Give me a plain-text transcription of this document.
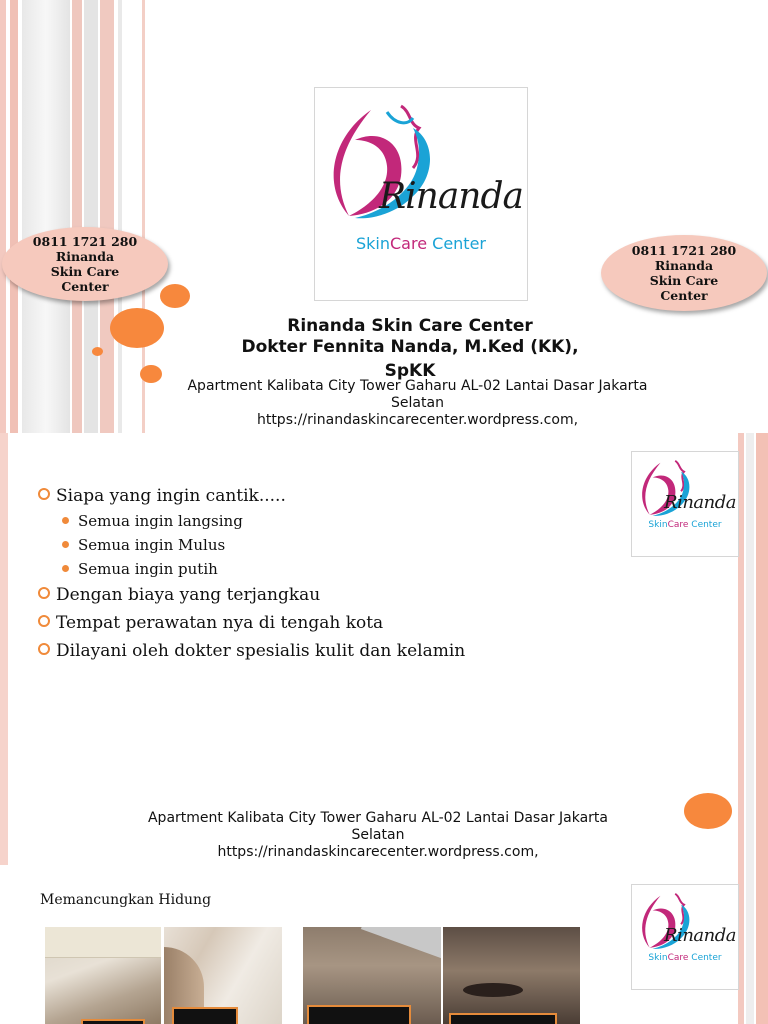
0811 1721 280
Rinanda
Skin Care
Center
0811 1721 280
Rinanda
Skin Care
Center
Rinanda
SkinCare Center
Rinanda Skin Care Center
Dokter Fennita Nanda, M.Ked (KK),
SpKK
Apartment Kalibata City Tower Gaharu AL-02 Lantai Dasar Jakarta
Selatan
https://rinandaskincarecenter.wordpress.com,
Rinanda
SkinCare Center
Siapa yang ingin cantik.....
Semua ingin langsing
Semua ingin Mulus
Semua ingin putih
Dengan biaya yang terjangkau
Tempat perawatan nya di tengah kota
Dilayani oleh dokter spesialis kulit dan kelamin
Apartment Kalibata City Tower Gaharu AL-02 Lantai Dasar Jakarta
Selatan
https://rinandaskincarecenter.wordpress.com,
Memancungkan Hidung
Rinanda
SkinCare Center
